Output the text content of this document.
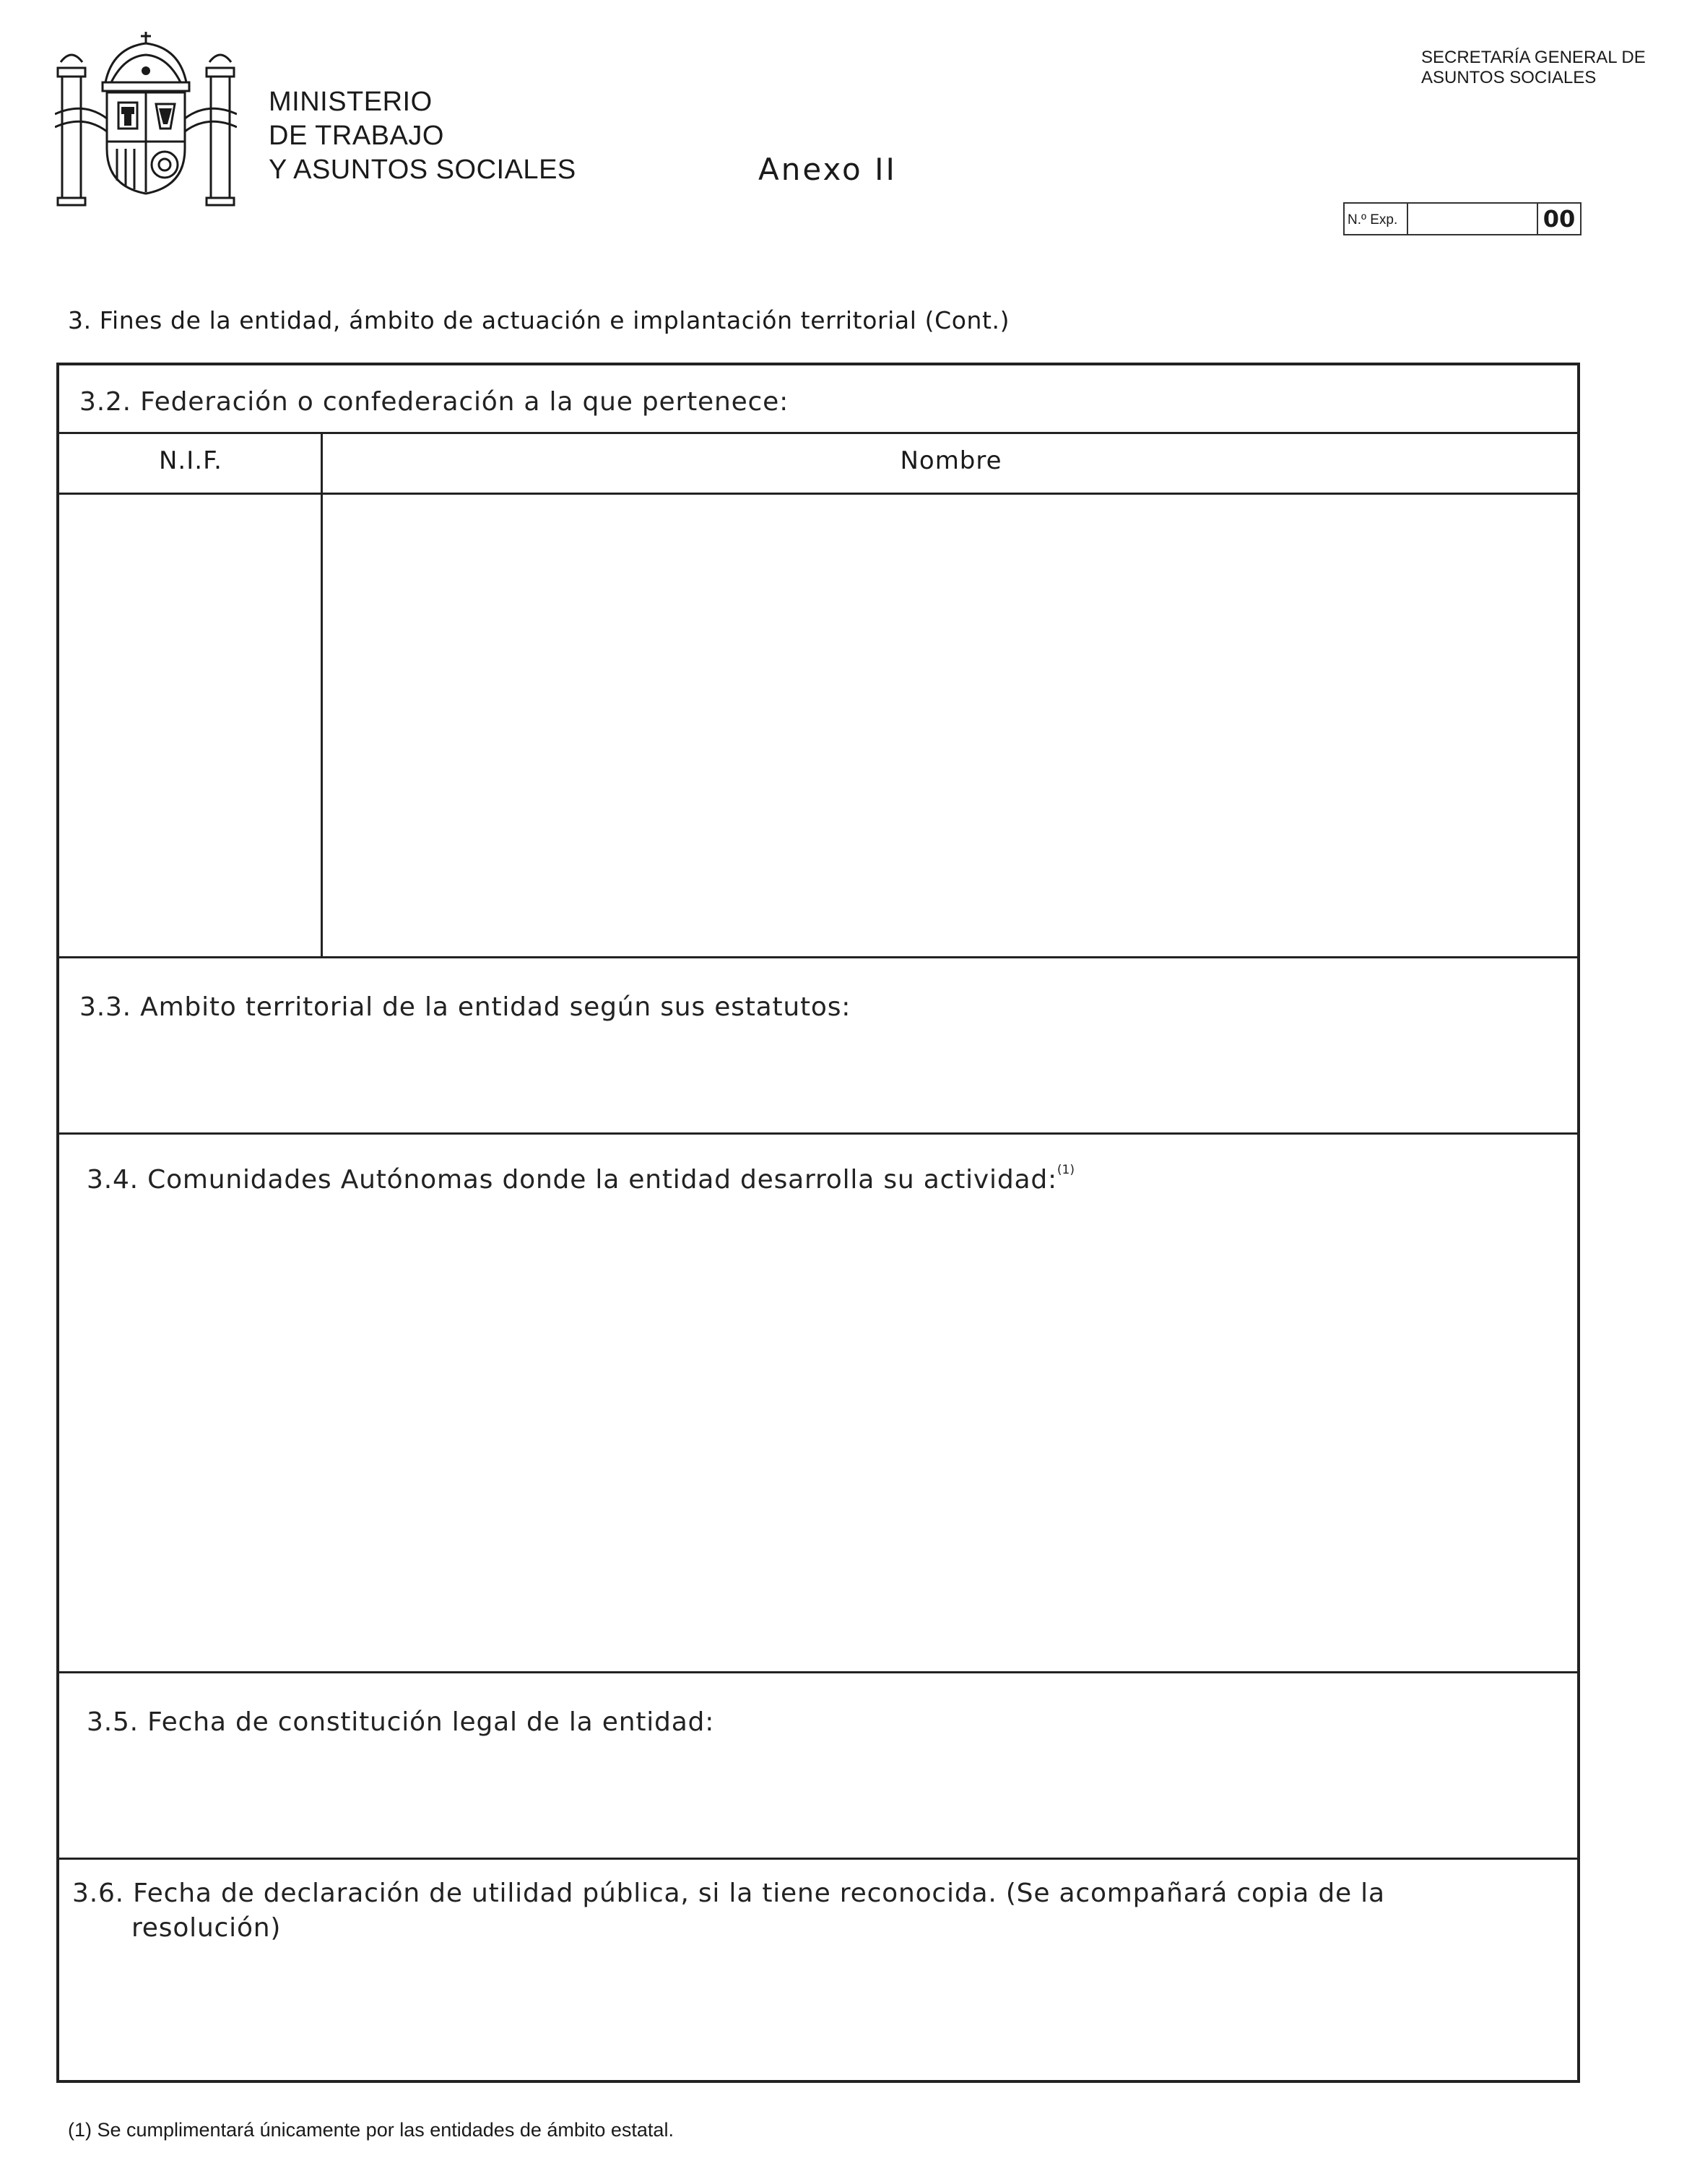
MINISTERIO
DE TRABAJO
Y ASUNTOS SOCIALES	Anexo II
SECRETARÍA GENERAL DE
ASUNTOS SOCIALES
N.º Exp.	00
3. Fines de la entidad, ámbito de actuación e implantación territorial (Cont.)
3.2. Federación o confederación a la que pertenece:
N.I.F.	Nombre
3.3. Ambito territorial de la entidad según sus estatutos:
3.4. Comunidades Autónomas donde la entidad desarrolla su actividad:$^{(1)}$
3.5. Fecha de constitución legal de la entidad:
3.6. Fecha de declaración de utilidad pública, si la tiene reconocida. (Se acompañará copia de la
resolución)
(1) Se cumplimentará únicamente por las entidades de ámbito estatal.
